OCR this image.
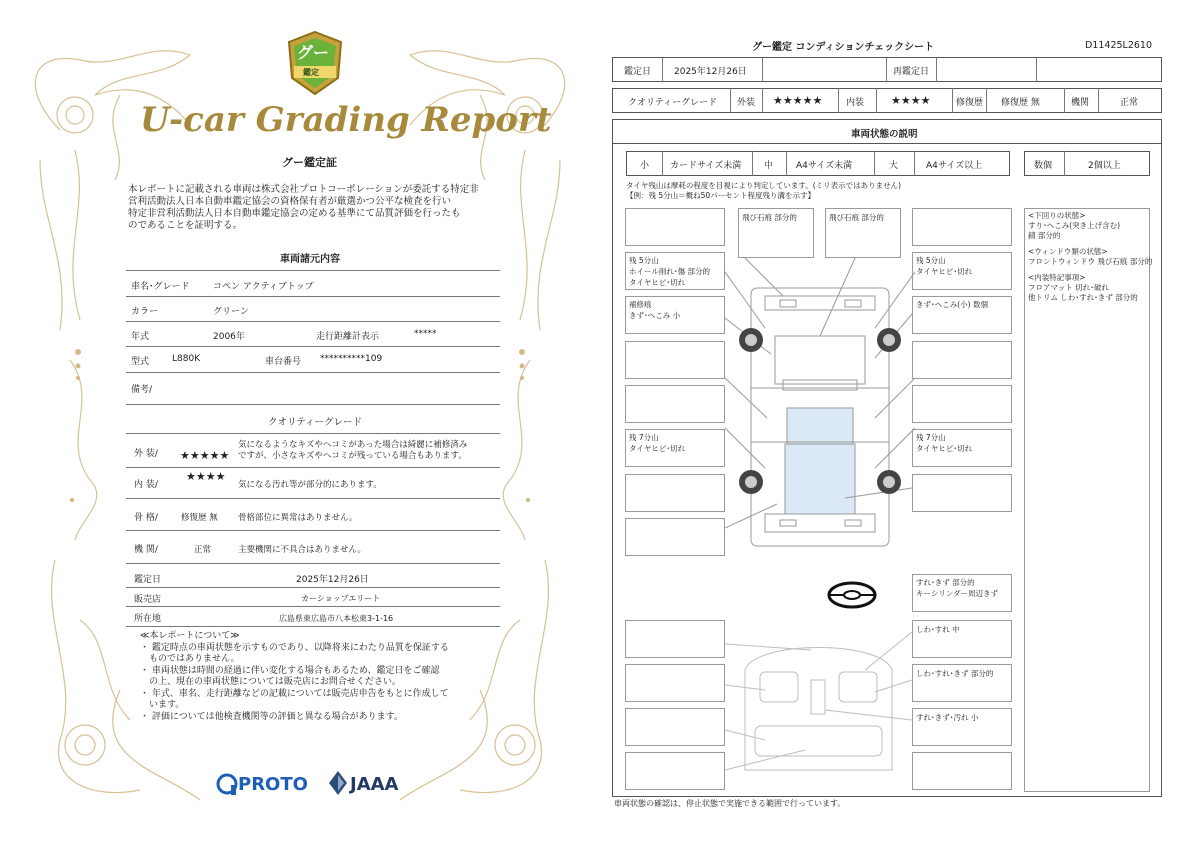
グー
鑑定
U-car Grading Report
グー鑑定証
本レポートに記載される車両は株式会社プロトコーポレーションが委託する特定非
営利活動法人日本自動車鑑定協会の資格保有者が厳選かつ公平な検査を行い
特定非営利活動法人日本自動車鑑定協会の定める基準にて品質評価を行ったも
のであることを証明する。
車両諸元内容
車名･グレード	コペン アクティブトップ
カラー	グリーン
年式	2006年	走行距離計表示	*****
型式	L880K	車台番号 **********109
備考/
クオリティーグレード
外 装/ ★★★★★
気になるようなキズやヘコミがあった場合は綺麗に補修済み
ですが、小さなキズやヘコミが残っている場合もあります。
内 装/
★★★★
気になる汚れ等が部分的にあります。
骨 格/	修復歴 無 骨格部位に異常はありません。
機 関/	正常	主要機関に不具合はありません。
鑑定日	2025年12月26日
販売店	カーショップエリート
所在地	広島県東広島市八本松東3-1-16
≪本レポートについて≫
・ 鑑定時点の車両状態を示すものであり、以降将来にわたり品質を保証する
　ものではありません。
・ 車両状態は時間の経過に伴い変化する場合もあるため、鑑定日をご確認
　の上、現在の車両状態については販売店にお問合せください。
・ 年式、車名、走行距離などの記載については販売店申告をもとに作成して
　います。
・ 評価については他検査機関等の評価と異なる場合があります。
PROTO JAAA
グー鑑定 コンディションチェックシート	D11425L2610
鑑定日	2025年12月26日	再鑑定日
クオリティーグレード 外装 ★★★★★	内装 ★★★★	修復歴 修復歴 無	機関	正常
車両状態の説明
小 カードサイズ未満	中	A4サイズ未満	大	A4サイズ以上	数個	2個以上
タイヤ残山は摩耗の程度を目視により判定しています。(ミリ表示ではありません)
【例：残 5分山＝概ね50パーセント程度残り溝を示す】
残 5分山
ホイール削れ･傷 部分的
タイヤヒビ･切れ
補修痕
きず･へこみ 小
残 7分山
タイヤヒビ･切れ
飛び石痕 部分的	飛び石痕 部分的
残 5分山
タイヤヒビ･切れ
きず･へこみ(小) 数個
残 7分山
タイヤヒビ･切れ
<下回りの状態>
すり･へこみ(突き上げ含む)
錆 部分的
<ウィンドウ類の状態>
フロントウィンドウ 飛び石痕 部分的
<内装特記事項>
フロアマット 切れ･破れ
他トリム しわ･すれ･きず 部分的
すれ･きず 部分的
キーシリンダー周辺きず
しわ･すれ 中
しわ･すれ･きず 部分的
すれ･きず･汚れ 小
車両状態の確認は、停止状態で実施できる範囲で行っています。
